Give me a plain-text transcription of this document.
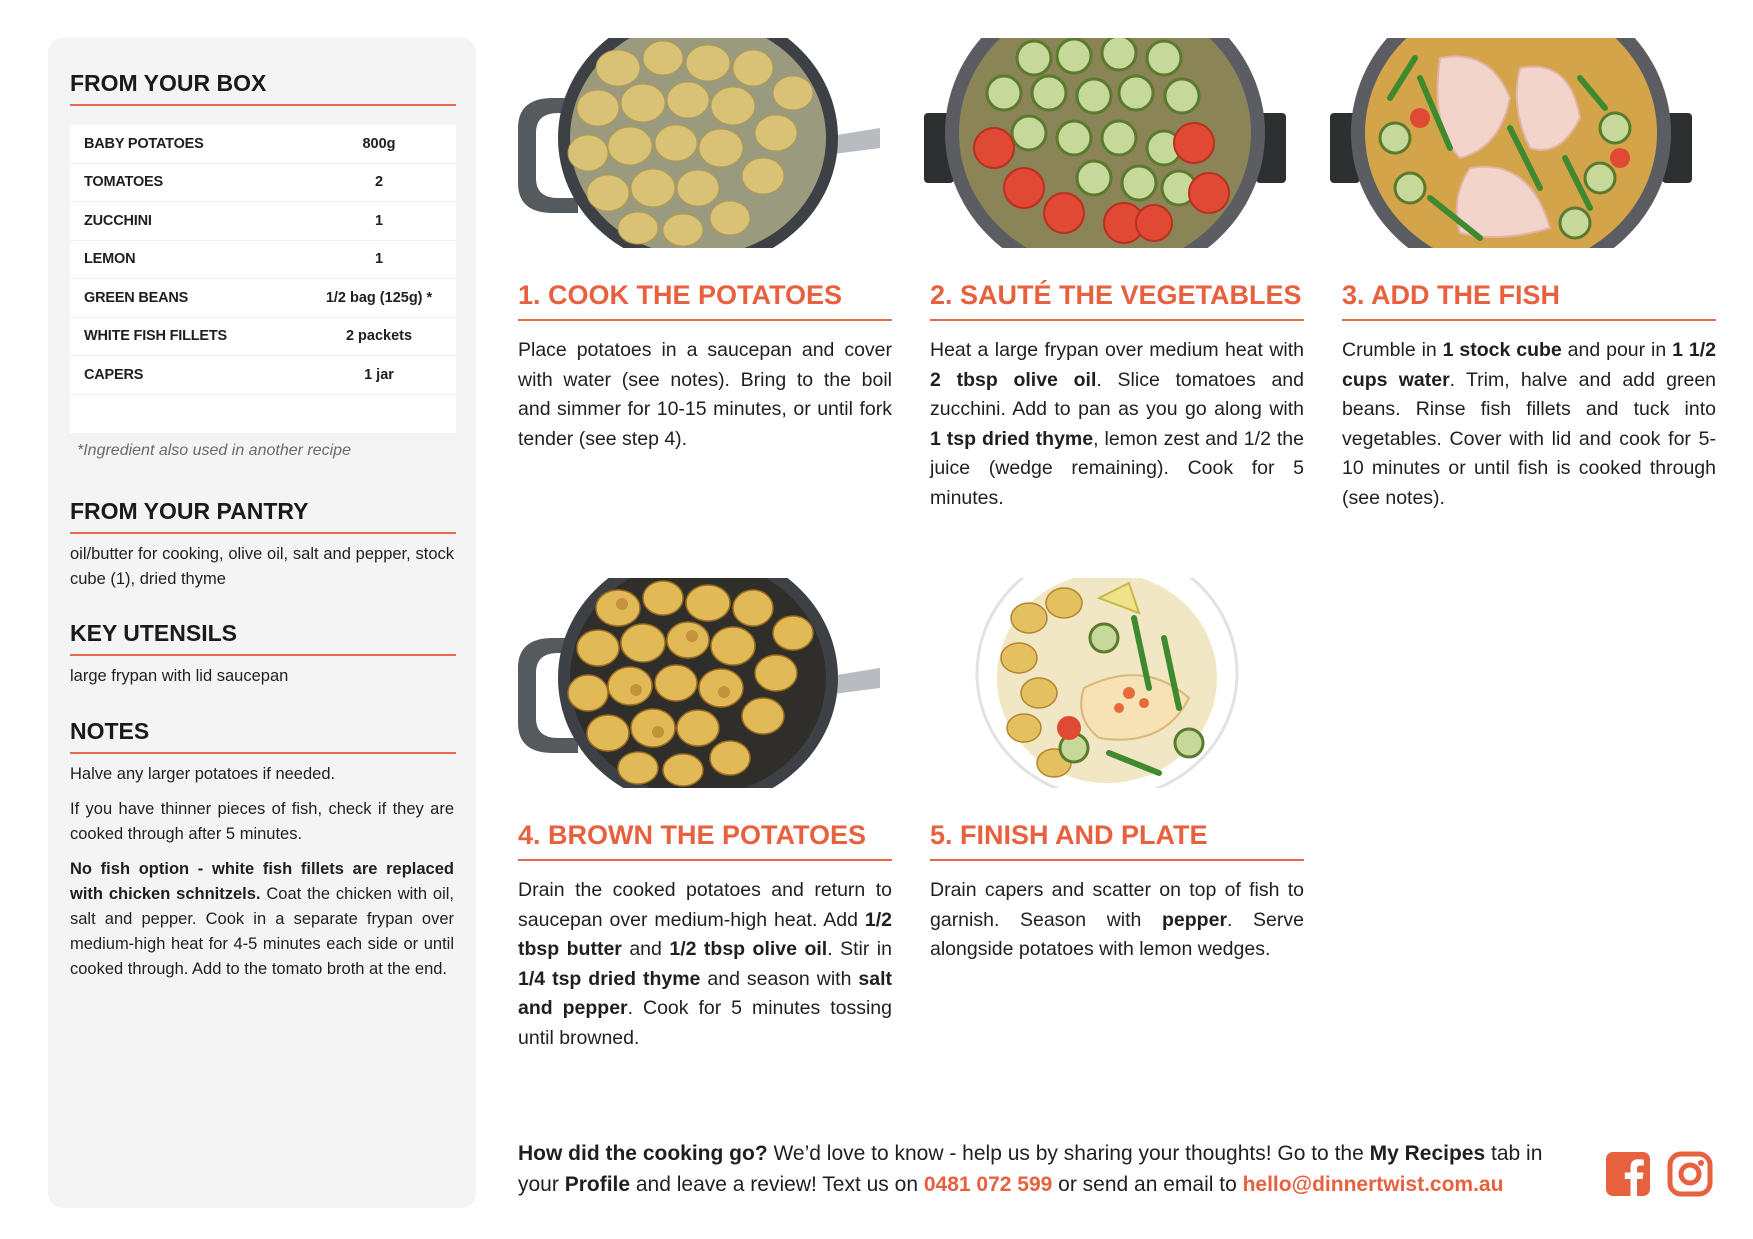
FROM YOUR BOX
BABY POTATOES	800g
TOMATOES	2
ZUCCHINI	1
LEMON	1
GREEN BEANS	1/2 bag (125g) *
WHITE FISH FILLETS	2 packets
CAPERS	1 jar
*Ingredient also used in another recipe
FROM YOUR PANTRY
oil/butter for cooking, olive oil, salt and pepper, stock cube (1), dried thyme
KEY UTENSILS
large frypan with lid saucepan
NOTES
Halve any larger potatoes if needed.
If you have thinner pieces of fish, check if they are cooked through after 5 minutes.
No fish option - white fish fillets are replaced with chicken schnitzels. Coat the chicken with oil, salt and pepper. Cook in a separate frypan over medium-high heat for 4-5 minutes each side or until cooked through. Add to the tomato broth at the end.
1. COOK THE POTATOES
Place potatoes in a saucepan and cover with water (see notes). Bring to the boil and simmer for 10-15 minutes, or until fork tender (see step 4).
2. SAUTÉ THE VEGETABLES
Heat a large frypan over medium heat with 2 tbsp olive oil. Slice tomatoes and zucchini. Add to pan as you go along with 1 tsp dried thyme, lemon zest and 1/2 the juice (wedge remaining). Cook for 5 minutes.
3. ADD THE FISH
Crumble in 1 stock cube and pour in 1 1/2 cups water. Trim, halve and add green beans. Rinse fish fillets and tuck into vegetables. Cover with lid and cook for 5-10 minutes or until fish is cooked through (see notes).
4. BROWN THE POTATOES
Drain the cooked potatoes and return to saucepan over medium-high heat. Add 1/2 tbsp butter and 1/2 tbsp olive oil. Stir in 1/4 tsp dried thyme and season with salt and pepper. Cook for 5 minutes tossing until browned.
5. FINISH AND PLATE
Drain capers and scatter on top of fish to garnish. Season with pepper. Serve alongside potatoes with lemon wedges.
How did the cooking go? We’d love to know - help us by sharing your thoughts! Go to the My Recipes tab in your Profile and leave a review! Text us on 0481 072 599 or send an email to hello@dinnertwist.com.au
